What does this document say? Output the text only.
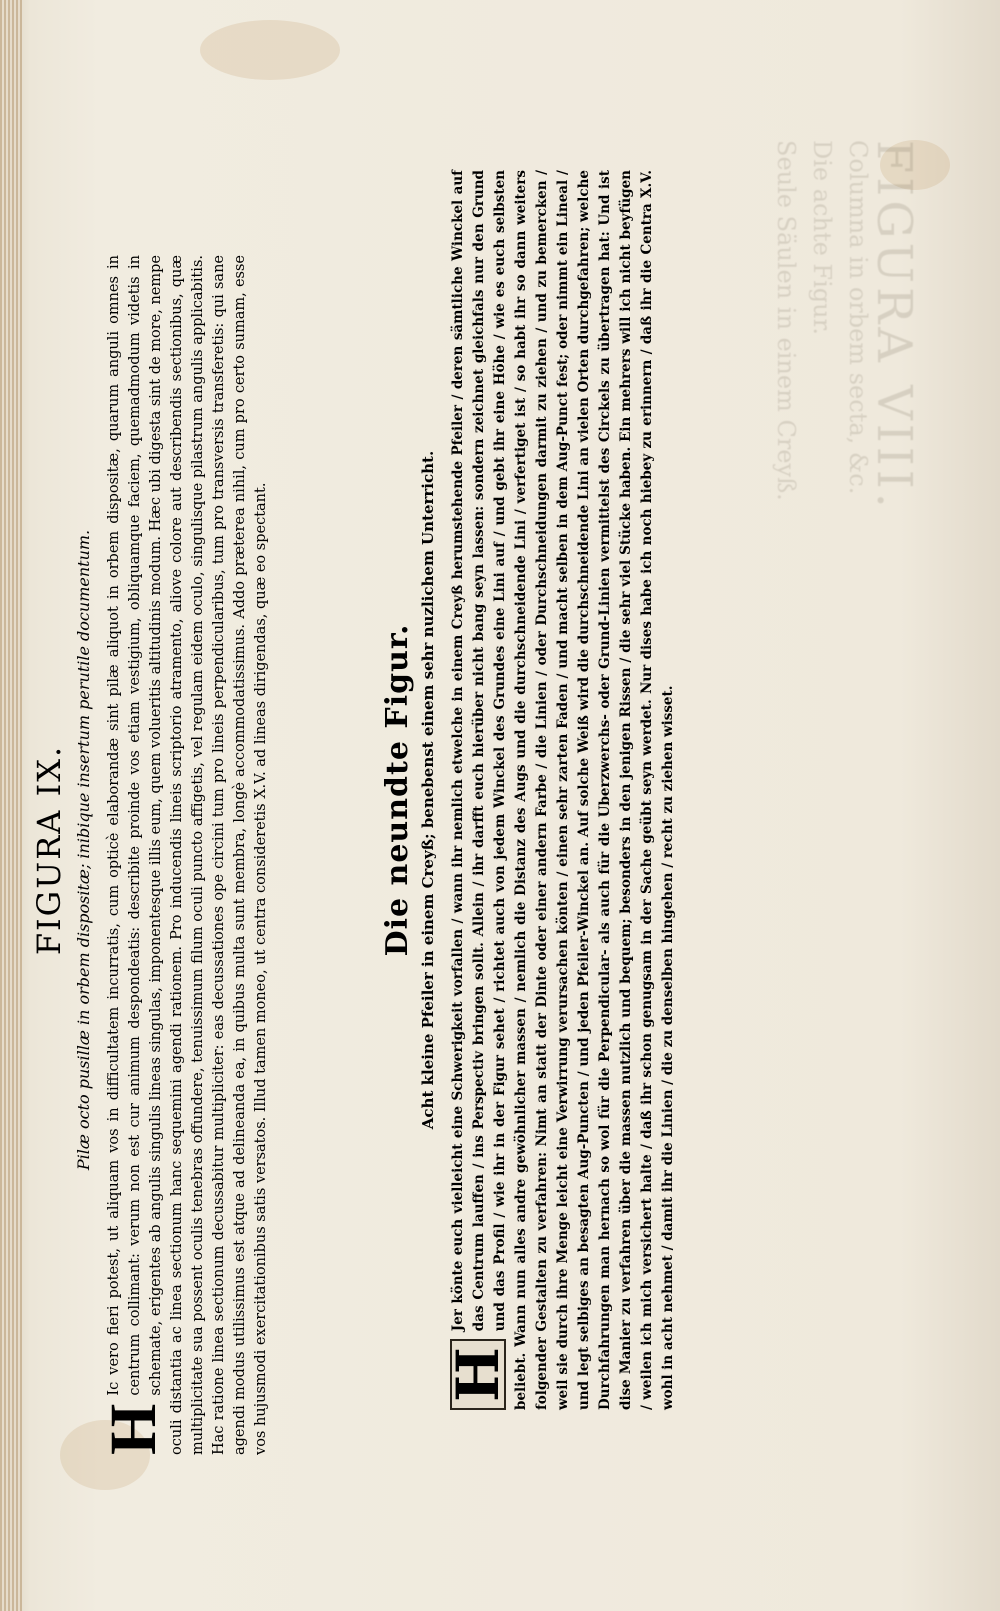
FIGURA VIII.
Columna in orbem secta, &c.
Die achte Figur.
Seule Säulen in einem Creyß.
FIGURA IX. Pilæ octo pusillæ in orbem dispositæ; inibique insertum perutile documentum.
H
Ic vero fieri potest, ut aliquam vos in difficultatem incurratis, cum opticè elaborandæ sint pilæ aliquot in orbem dispositæ, quarum anguli omnes in centrum collimant: verum non est cur animum despondeatis: describite proinde vos etiam vestigium, obliquamque faciem, quemadmodum videtis in schemate, erigentes ab angulis singulis lineas singulas, imponentesque illis eum, quem volueritis altitudinis modum. Hæc ubi digesta sint de more, nempe oculi distantia ac linea sectionum hanc sequemini agendi rationem. Pro inducendis lineis scriptorio atramento, aliove colore aut describendis sectionibus, quæ multiplicitate sua possent oculis tenebras offundere, tenuissimum filum oculi puncto affigetis, vel regulam eidem oculo, singulisque pilastrum angulis applicabitis. Hac ratione linea sectionum decussabitur multipliciter: eas decussationes ope circini tum pro lineis perpendicularibus, tum pro transversis transferetis: qui sane agendi modus utilissimus est atque ad delineanda ea, in quibus multa sunt membra, longè accommodatissimus. Addo præterea nihil, cum pro certo sumam, esse vos hujusmodi exercitationibus satis versatos. Illud tamen moneo, ut centra consideretis X.V. ad lineas dirigendas, quæ eo spectant.	Die neundte Figur. Acht kleine Pfeiler in einem Creyß; benebenst einem sehr nuzlichem Unterricht.
H
Jer könte euch vielleicht eine Schwerigkeit vorfallen / wann ihr nemlich etwelche in einem Creyß herumstehende Pfeiler / deren sämtliche Winckel auf das Centrum lauffen / ins Perspectiv bringen sollt. Allein / ihr darfft euch hierüber nicht bang seyn lassen: sondern zeichnet gleichfals nur den Grund und das Profil / wie ihr in der Figur sehet / richtet auch von jedem Winckel des Grundes eine Lini auf / und gebt ihr eine Höhe / wie es euch selbsten beliebt. Wann nun alles andre gewöhnlicher massen / nemlich die Distanz des Augs und die durchschneidende Lini / verfertiget ist / so habt ihr so dann weiters folgender Gestalten zu verfahren: Nimt an statt der Dinte oder einer andern Farbe / die Linien / oder Durchschneidungen darmit zu ziehen / und zu bemercken / weil sie durch ihre Menge leicht eine Verwirrung verursachen könten / einen sehr zarten Faden / und macht selben in dem Aug-Punct fest; oder nimmt ein Lineal / und legt selbiges an besagten Aug-Puncten / und jeden Pfeiler-Winckel an. Auf solche Weiß wird die durchschneidende Lini an vielen Orten durchgefahren; welche Durchfahrungen man hernach so wol für die Perpendicular- als auch für die Uberzwerchs- oder Grund-Linien vermittelst des Circkels zu übertragen hat: Und ist dise Manier zu verfahren über die massen nutzlich und bequem; besonders in den jenigen Rissen / die sehr viel Stücke haben. Ein mehrers will ich nicht beyfügen / weilen ich mich versichert halte / daß ihr schon genugsam in der Sache geübt seyn werdet. Nur dises habe ich noch hiebey zu erinnern / daß ihr die Centra X.V. wohl in acht nehmet / damit ihr die Linien / die zu denselben hingehen / recht zu ziehen wisset.
